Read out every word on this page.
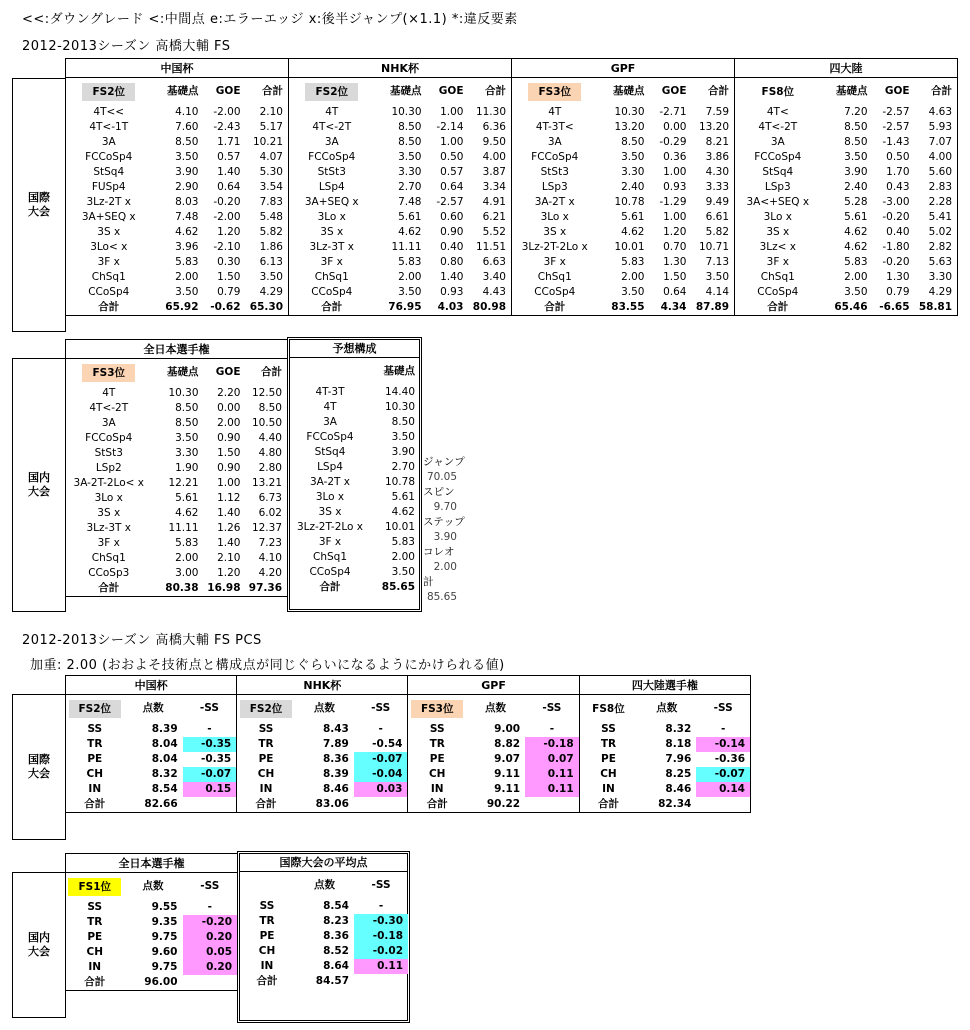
<<:ダウングレード <:中間点 e:エラーエッジ x:後半ジャンプ(×1.1) *:違反要素
2012-2013シーズン 高橋大輔 FS
国際
大会
中国杯				NHK杯				GPF				四大陸			
FS2位	基礎点	GOE	合計	FS2位	基礎点	GOE	合計	FS3位	基礎点	GOE	合計	FS8位	基礎点	GOE	合計
4T<<	4.10	-2.00	2.10	4T	10.30	1.00	11.30	4T	10.30	-2.71	7.59	4T<	7.20	-2.57	4.63
4T<-1T	7.60	-2.43	5.17	4T<-2T	8.50	-2.14	6.36	4T-3T<	13.20	0.00	13.20	4T<-2T	8.50	-2.57	5.93
3A	8.50	1.71	10.21	3A	8.50	1.00	9.50	3A	8.50	-0.29	8.21	3A	8.50	-1.43	7.07
FCCoSp4	3.50	0.57	4.07	FCCoSp4	3.50	0.50	4.00	FCCoSp4	3.50	0.36	3.86	FCCoSp4	3.50	0.50	4.00
StSq4	3.90	1.40	5.30	StSt3	3.30	0.57	3.87	StSt3	3.30	1.00	4.30	StSq4	3.90	1.70	5.60
FUSp4	2.90	0.64	3.54	LSp4	2.70	0.64	3.34	LSp3	2.40	0.93	3.33	LSp3	2.40	0.43	2.83
3Lz-2T x	8.03	-0.20	7.83	3A+SEQ x	7.48	-2.57	4.91	3A-2T x	10.78	-1.29	9.49	3A<+SEQ x	5.28	-3.00	2.28
3A+SEQ x	7.48	-2.00	5.48	3Lo x	5.61	0.60	6.21	3Lo x	5.61	1.00	6.61	3Lo x	5.61	-0.20	5.41
3S x	4.62	1.20	5.82	3S x	4.62	0.90	5.52	3S x	4.62	1.20	5.82	3S x	4.62	0.40	5.02
3Lo< x	3.96	-2.10	1.86	3Lz-3T x	11.11	0.40	11.51	3Lz-2T-2Lo x	10.01	0.70	10.71	3Lz< x	4.62	-1.80	2.82
3F x	5.83	0.30	6.13	3F x	5.83	0.80	6.63	3F x	5.83	1.30	7.13	3F x	5.83	-0.20	5.63
ChSq1	2.00	1.50	3.50	ChSq1	2.00	1.40	3.40	ChSq1	2.00	1.50	3.50	ChSq1	2.00	1.30	3.30
CCoSp4	3.50	0.79	4.29	CCoSp4	3.50	0.93	4.43	CCoSp4	3.50	0.64	4.14	CCoSp4	3.50	0.79	4.29
合計	65.92	-0.62	65.30	合計	76.95	4.03	80.98	合計	83.55	4.34	87.89	合計	65.46	-6.65	58.81
国内
大会
全日本選手権			
FS3位	基礎点	GOE	合計
4T	10.30	2.20	12.50
4T<-2T	8.50	0.00	8.50
3A	8.50	2.00	10.50
FCCoSp4	3.50	0.90	4.40
StSt3	3.30	1.50	4.80
LSp2	1.90	0.90	2.80
3A-2T-2Lo< x	12.21	1.00	13.21
3Lo x	5.61	1.12	6.73
3S x	4.62	1.40	6.02
3Lz-3T x	11.11	1.26	12.37
3F x	5.83	1.40	7.23
ChSq1	2.00	2.10	4.10
CCoSp3	3.00	1.20	4.20
合計	80.38	16.98	97.36
予想構成	
	基礎点
4T-3T	14.40
4T	10.30
3A	8.50
FCCoSp4	3.50
StSq4	3.90
LSp4	2.70
3A-2T x	10.78
3Lo x	5.61
3S x	4.62
3Lz-2T-2Lo x	10.01
3F x	5.83
ChSq1	2.00
CCoSp4	3.50
合計	85.65
ジャンプ
70.05
スピン
9.70
ステップ
3.90
コレオ
2.00
計
85.65
2012-2013シーズン 高橋大輔 FS PCS
加重: 2.00 (おおよそ技術点と構成点が同じぐらいになるようにかけられる値)
国際
大会
中国杯			NHK杯			GPF			四大陸選手権		
FS2位	点数	-SS	FS2位	点数	-SS	FS3位	点数	-SS	FS8位	点数	-SS
SS	8.39	-	SS	8.43	-	SS	9.00	-	SS	8.32	-
TR	8.04	-0.35	TR	7.89	-0.54	TR	8.82	-0.18	TR	8.18	-0.14
PE	8.04	-0.35	PE	8.36	-0.07	PE	9.07	0.07	PE	7.96	-0.36
CH	8.32	-0.07	CH	8.39	-0.04	CH	9.11	0.11	CH	8.25	-0.07
IN	8.54	0.15	IN	8.46	0.03	IN	9.11	0.11	IN	8.46	0.14
合計	82.66		合計	83.06		合計	90.22		合計	82.34	
国内
大会
全日本選手権		
FS1位	点数	-SS
SS	9.55	-
TR	9.35	-0.20
PE	9.75	0.20
CH	9.60	0.05
IN	9.75	0.20
合計	96.00	
国際大会の平均点		
	点数	-SS
SS	8.54	-
TR	8.23	-0.30
PE	8.36	-0.18
CH	8.52	-0.02
IN	8.64	0.11
合計	84.57	
